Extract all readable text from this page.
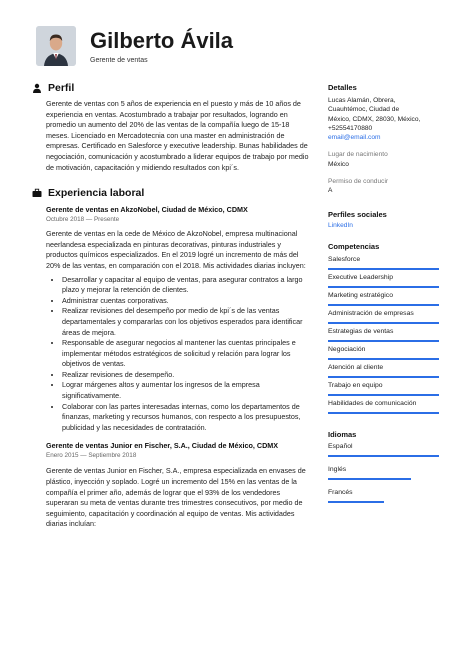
Gilberto Ávila
Gerente de ventas
Perfil

Gerente de ventas con 5 años de experiencia en el puesto y más de 10 años de experiencia en ventas. Acostumbrado a trabajar por resultados, logrando en promedio un aumento del 20% de las ventas de la compañía luego de 15-18 meses. Licenciado en Mercadotecnia con una master en administración de empresas. Certificado en Salesforce y executive leadership. Bunas habilidades de negociación, comunicación y acostumbrado a liderar equipos de trabajo por medio de motivación, capacitación y midiendo resultados con kpi´s.

Experiencia laboral
Gerente de ventas en AkzoNobel, Ciudad de México, CDMX
Octubre 2018 — Presente

Gerente de ventas en la cede de México de AkzoNobel, empresa multinacional neerlandesa especializada en pinturas decorativas, pinturas industriales y productos químicos especializados. En el 2019 logré un incremento de más del 20% de las ventas, en comparación con el 2018. Mis actividades diarias incluyen:

• Desarrollar y capacitar al equipo de ventas, para asegurar contratos a largo plazo y mejorar la retención de clientes.
• Administrar cuentas corporativas.
• Realizar revisiones del desempeño por medio de kpi´s de las ventas departamentales y compararlas con los objetivos esperados para identificar áreas de mejora.
• Responsable de asegurar negocios al mantener las cuentas principales e implementar métodos estratégicos de solicitud y relación para lograr los objetivos de ventas.
• Realizar revisiones de desempeño.
• Lograr márgenes altos y aumentar los ingresos de la empresa significativamente.
• Colaborar con las partes interesadas internas, como los departamentos de finanzas, marketing y recursos humanos, con respecto a los presupuestos, publicidad y las necesidades de contratación.
Gerente de ventas Junior en Fischer, S.A., Ciudad de México, CDMX
Enero 2015 — Septiembre 2018

Gerente de ventas Junior en Fischer, S.A., empresa especializada en envases de plástico, inyección y soplado. Logré un incremento del 15% en las ventas de la compañía el primer año, además de lograr que el 93% de los vendedores superaran su meta de ventas durante tres trimestres consecutivos, por medio de seguimiento, capacitación y coordinación al equipo de ventas. Mis actividades diarias incluían:

Detalles
Lucas Alamán, Obrera,
Cuauhtémoc, Ciudad de
México, CDMX, 28030, México,
+52554170880
email@email.com
Lugar de nacimiento
México
Permiso de conducir
A
Perfiles sociales
LinkedIn
Competencias
Salesforce
Executive Leadership
Marketing estratégico
Administración de empresas
Estrategias de ventas
Negociación
Atención al cliente
Trabajo en equipo
Habilidades de comunicación
Idiomas
Español
Inglés
Francés
